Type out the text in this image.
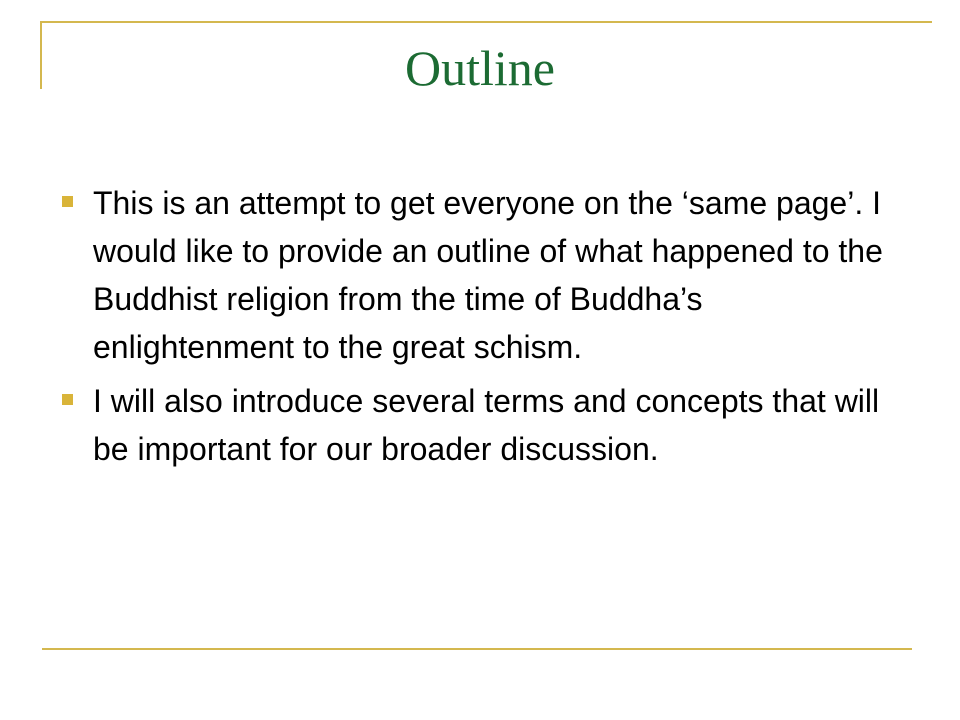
Outline
This is an attempt to get everyone on the ‘same page’. I would like to provide an outline of what happened to the Buddhist religion from the time of Buddha’s enlightenment to the great schism.
I will also introduce several terms and concepts that will be important for our broader discussion.
